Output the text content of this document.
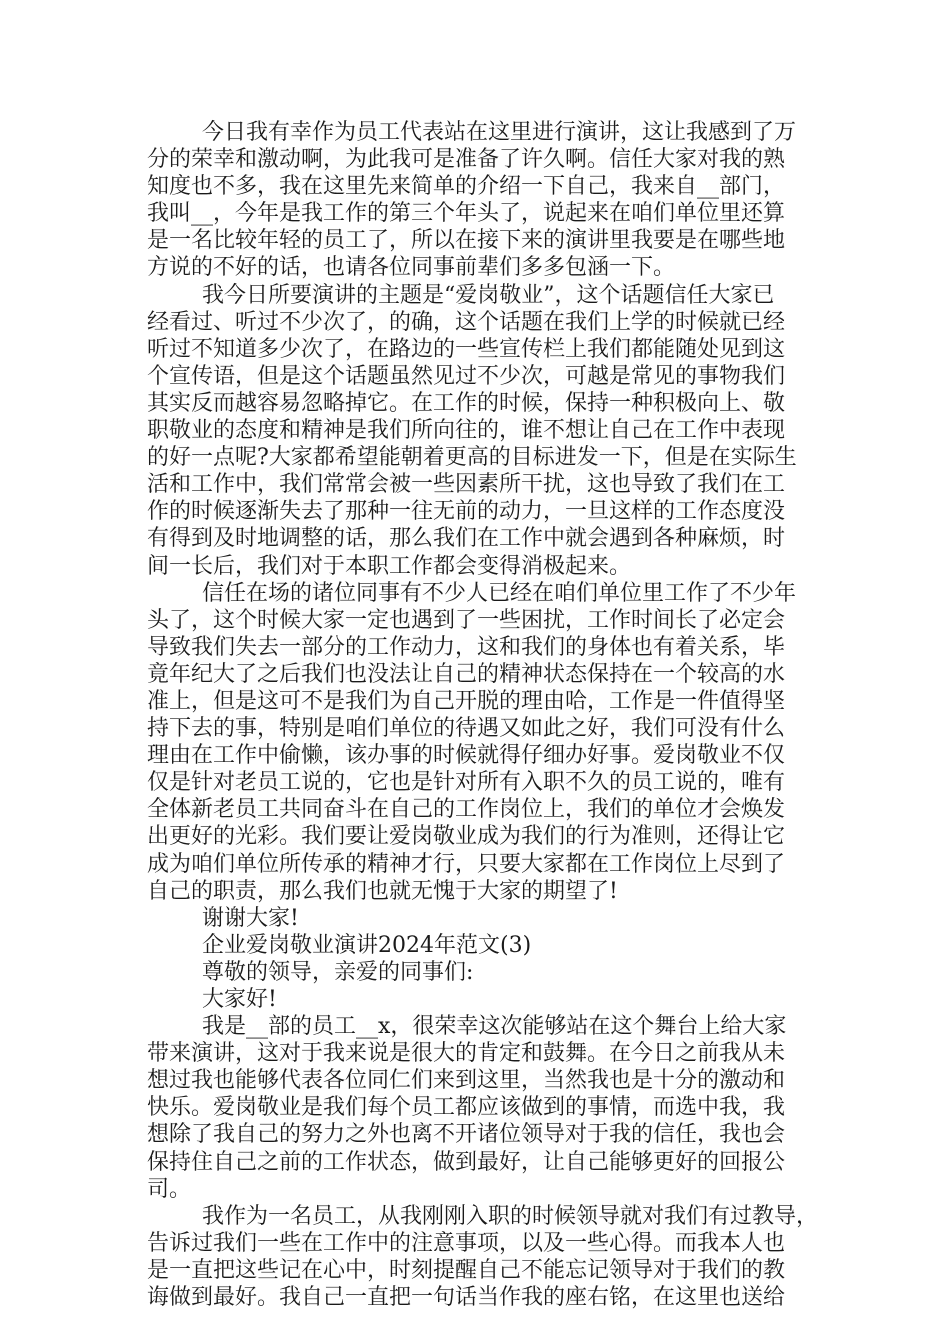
今日我有幸作为员工代表站在这里进行演讲，这让我感到了万
分的荣幸和激动啊，为此我可是准备了许久啊。信任大家对我的熟
知度也不多，我在这里先来简单的介绍一下自己，我来自__部门，
我叫__，今年是我工作的第三个年头了，说起来在咱们单位里还算
是一名比较年轻的员工了，所以在接下来的演讲里我要是在哪些地
方说的不好的话，也请各位同事前辈们多多包涵一下。
我今日所要演讲的主题是“爱岗敬业”，这个话题信任大家已
经看过、听过不少次了，的确，这个话题在我们上学的时候就已经
听过不知道多少次了，在路边的一些宣传栏上我们都能随处见到这
个宣传语，但是这个话题虽然见过不少次，可越是常见的事物我们
其实反而越容易忽略掉它。在工作的时候，保持一种积极向上、敬
职敬业的态度和精神是我们所向往的，谁不想让自己在工作中表现
的好一点呢?大家都希望能朝着更高的目标进发一下，但是在实际生
活和工作中，我们常常会被一些因素所干扰，这也导致了我们在工
作的时候逐渐失去了那种一往无前的动力，一旦这样的工作态度没
有得到及时地调整的话，那么我们在工作中就会遇到各种麻烦，时
间一长后，我们对于本职工作都会变得消极起来。
信任在场的诸位同事有不少人已经在咱们单位里工作了不少年
头了，这个时候大家一定也遇到了一些困扰，工作时间长了必定会
导致我们失去一部分的工作动力，这和我们的身体也有着关系，毕
竟年纪大了之后我们也没法让自己的精神状态保持在一个较高的水
准上，但是这可不是我们为自己开脱的理由哈，工作是一件值得坚
持下去的事，特别是咱们单位的待遇又如此之好，我们可没有什么
理由在工作中偷懒，该办事的时候就得仔细办好事。爱岗敬业不仅
仅是针对老员工说的，它也是针对所有入职不久的员工说的，唯有
全体新老员工共同奋斗在自己的工作岗位上，我们的单位才会焕发
出更好的光彩。我们要让爱岗敬业成为我们的行为准则，还得让它
成为咱们单位所传承的精神才行，只要大家都在工作岗位上尽到了
自己的职责，那么我们也就无愧于大家的期望了!
谢谢大家!
企业爱岗敬业演讲2024年范文(3)
尊敬的领导，亲爱的同事们:
大家好!
我是__部的员工__x，很荣幸这次能够站在这个舞台上给大家
带来演讲，这对于我来说是很大的肯定和鼓舞。在今日之前我从未
想过我也能够代表各位同仁们来到这里，当然我也是十分的激动和
快乐。爱岗敬业是我们每个员工都应该做到的事情，而选中我，我
想除了我自己的努力之外也离不开诸位领导对于我的信任，我也会
保持住自己之前的工作状态，做到最好，让自己能够更好的回报公
司。
我作为一名员工，从我刚刚入职的时候领导就对我们有过教导，
告诉过我们一些在工作中的注意事项，以及一些心得。而我本人也
是一直把这些记在心中，时刻提醒自己不能忘记领导对于我们的教
诲做到最好。我自己一直把一句话当作我的座右铭，在这里也送给
